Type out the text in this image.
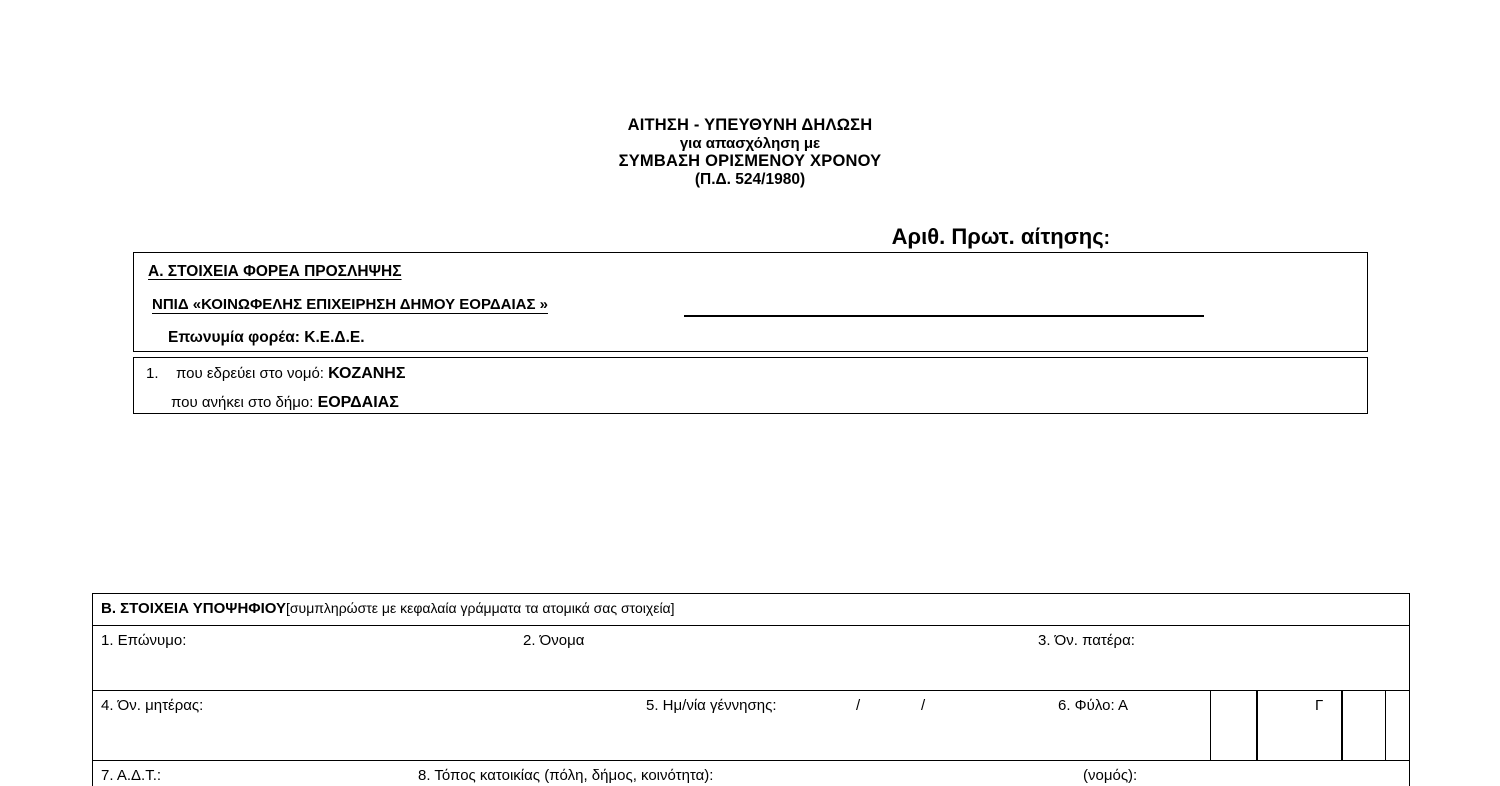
ΑΙΤΗΣΗ - ΥΠΕΥΘΥΝΗ ΔΗΛΩΣΗ
για απασχόληση με
ΣΥΜΒΑΣΗ ΟΡΙΣΜΕΝΟΥ ΧΡΟΝΟΥ
(Π.Δ. 524/1980)
Αριθ. Πρωτ. αίτησης:
Α. ΣΤΟΙΧΕΙΑ ΦΟΡΕΑ ΠΡΟΣΛΗΨΗΣ
ΝΠΙΔ «ΚΟΙΝΩΦΕΛΗΣ ΕΠΙΧΕΙΡΗΣΗ ΔΗΜΟΥ ΕΟΡΔΑΙΑΣ »
Επωνυμία φορέα: Κ.Ε.Δ.Ε.
1. που εδρεύει στο νομό: ΚΟΖΑΝΗΣ
που ανήκει στο δήμο: ΕΟΡΔΑΙΑΣ
Β. ΣΤΟΙΧΕΙΑ ΥΠΟΨΗΦΙΟΥ[συμπληρώστε με κεφαλαία γράμματα τα ατομικά σας στοιχεία]
1. Επώνυμο:	2. Όνομα	3. Όν. πατέρα:
4. Όν. μητέρας:	5. Ημ/νία γέννησης:	/	/	6. Φύλο: Α	Γ
7. Α.Δ.Τ.:	8. Τόπος κατοικίας (πόλη, δήμος, κοινότητα):	(νομός):
